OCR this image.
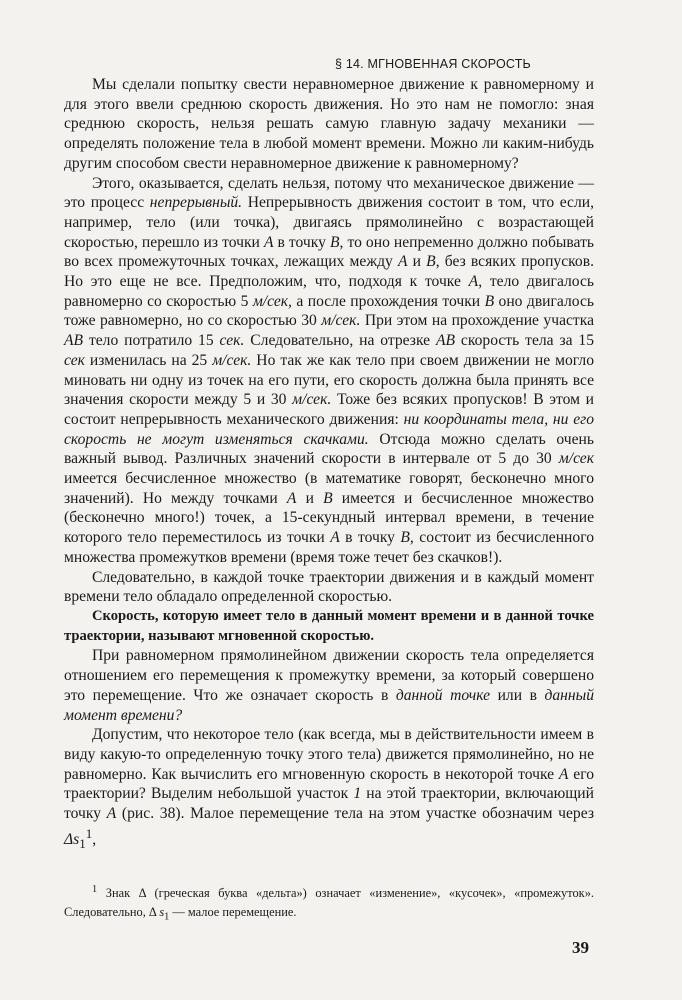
§ 14. МГНОВЕННАЯ СКОРОСТЬ

Мы сделали попытку свести неравномерное движение к равномерному и для этого ввели среднюю скорость движения. Но это нам не помогло: зная среднюю скорость, нельзя решать самую главную задачу механики — определять положение тела в любой момент времени. Можно ли каким-нибудь другим способом свести неравномерное движение к равномерному?

Этого, оказывается, сделать нельзя, потому что механическое движение — это процесс непрерывный. Непрерывность движения состоит в том, что если, например, тело (или точка), двигаясь прямолинейно с возрастающей скоростью, перешло из точки А в точку В, то оно непременно должно побывать во всех промежуточных точках, лежащих между А и В, без всяких пропусков. Но это еще не все. Предположим, что, подходя к точке А, тело двигалось равномерно со скоростью 5 м/сек, а после прохождения точки В оно двигалось тоже равномерно, но со скоростью 30 м/сек. При этом на прохождение участка АВ тело потратило 15 сек. Следовательно, на отрезке АВ скорость тела за 15 сек изменилась на 25 м/сек. Но так же как тело при своем движении не могло миновать ни одну из точек на его пути, его скорость должна была принять все значения скорости между 5 и 30 м/сек. Тоже без всяких пропусков! В этом и состоит непрерывность механического движения: ни координаты тела, ни его скорость не могут изменяться скачками. Отсюда можно сделать очень важный вывод. Различных значений скорости в интервале от 5 до 30 м/сек имеется бесчисленное множество (в математике говорят, бесконечно много значений). Но между точками А и В имеется и бесчисленное множество (бесконечно много!) точек, а 15-секундный интервал времени, в течение которого тело переместилось из точки А в точку В, состоит из бесчисленного множества промежутков времени (время тоже течет без скачков!).

Следовательно, в каждой точке траектории движения и в каждый момент времени тело обладало определенной скоростью.

Скорость, которую имеет тело в данный момент времени и в данной точке траектории, называют мгновенной скоростью.

При равномерном прямолинейном движении скорость тела определяется отношением его перемещения к промежутку времени, за который совершено это перемещение. Что же означает скорость в данной точке или в данный момент времени?

Допустим, что некоторое тело (как всегда, мы в действительности имеем в виду какую-то определенную точку этого тела) движется прямолинейно, но не равномерно. Как вычислить его мгновенную скорость в некоторой точке А его траектории? Выделим небольшой участок 1 на этой траектории, включающий точку А (рис. 38). Малое перемещение тела на этом участке обозначим через $\Delta s_1^1$,

$^1$ Знак Δ (греческая буква «дельта») означает «изменение», «кусочек», «промежуток». Следовательно, Δ $s_1$ — малое перемещение.

39
